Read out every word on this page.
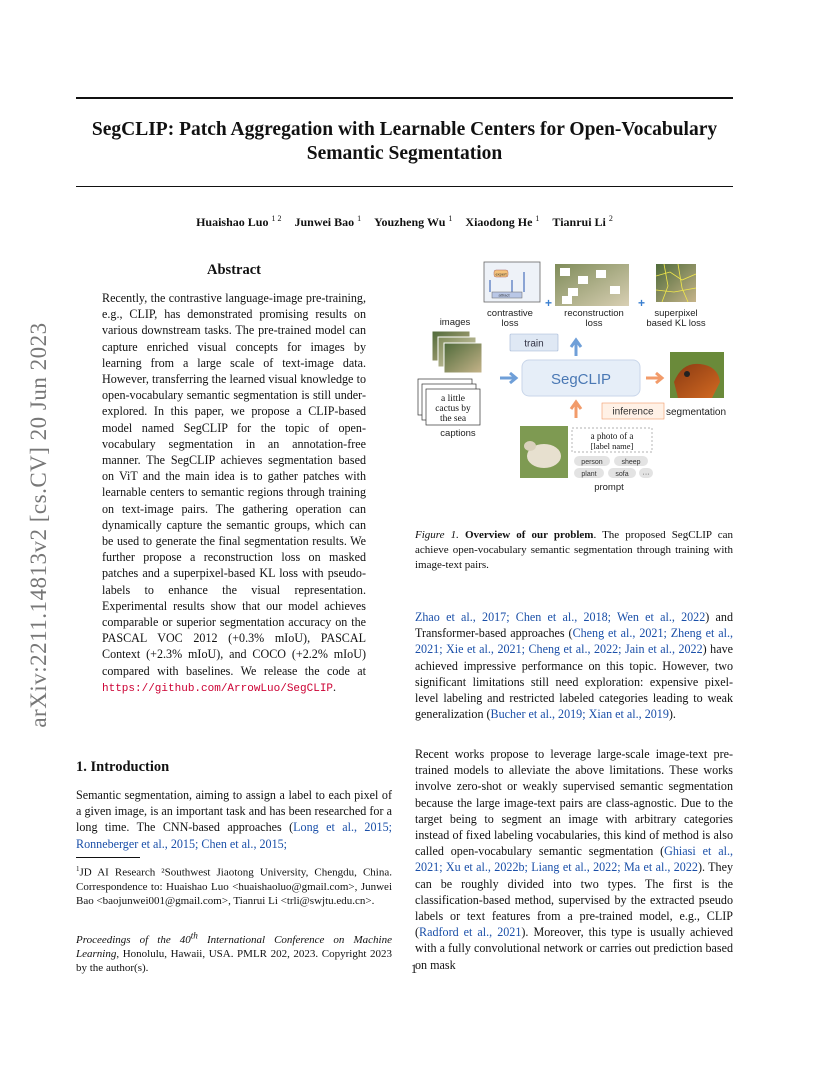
SegCLIP: Patch Aggregation with Learnable Centers for Open-Vocabulary
Semantic Segmentation
Huaishao Luo $^{1 2}$ Junwei Bao $^1$ Youzheng Wu $^1$ Xiaodong He $^1$ Tianrui Li $^2$
arXiv:2211.14813v2 [cs.CV] 20 Jun 2023
Abstract
Recently, the contrastive language-image pre-training, e.g., CLIP, has demonstrated promising results on various downstream tasks. The pre-trained model can capture enriched visual concepts for images by learning from a large scale of text-image data. However, transferring the learned visual knowledge to open-vocabulary semantic segmentation is still under-explored. In this paper, we propose a CLIP-based model named SegCLIP for the topic of open-vocabulary segmentation in an annotation-free manner. The SegCLIP achieves segmentation based on ViT and the main idea is to gather patches with learnable centers to semantic regions through training on text-image pairs. The gathering operation can dynamically capture the semantic groups, which can be used to generate the final segmentation results. We further propose a reconstruction loss on masked patches and a superpixel-based KL loss with pseudo-labels to enhance the visual representation. Experimental results show that our model achieves comparable or superior segmentation accuracy on the PASCAL VOC 2012 (+0.3% mIoU), PASCAL Context (+2.3% mIoU), and COCO (+2.2% mIoU) compared with baselines. We release the code at https://github.com/ArrowLuo/SegCLIP.
1. Introduction
Semantic segmentation, aiming to assign a label to each pixel of a given image, is an important task and has been researched for a long time. The CNN-based approaches (Long et al., 2015; Ronneberger et al., 2015; Chen et al., 2015;
$^1$JD AI Research ²Southwest Jiaotong University, Chengdu, China. Correspondence to: Huaishao Luo <huaishaoluo@gmail.com>, Junwei Bao <baojunwei001@gmail.com>, Tianrui Li <trli@swjtu.edu.cn>.
Proceedings of the 40th International Conference on Machine Learning, Honolulu, Hawaii, USA. PMLR 202, 2023. Copyright 2023 by the author(s).
expert
attract
+	+
images
contrastive
loss
reconstruction
loss
superpixel
based KL loss
train
SegCLIP
inference segmentation
a little
cactus by
the sea
captions	a photo of a
[label name]
person	sheep
plant	sofa ···
prompt
Figure 1. Overview of our problem. The proposed SegCLIP can achieve open-vocabulary semantic segmentation through training with image-text pairs.
Zhao et al., 2017; Chen et al., 2018; Wen et al., 2022) and Transformer-based approaches (Cheng et al., 2021; Zheng et al., 2021; Xie et al., 2021; Cheng et al., 2022; Jain et al., 2022) have achieved impressive performance on this topic. However, two significant limitations still need exploration: expensive pixel-level labeling and restricted labeled categories leading to weak generalization (Bucher et al., 2019; Xian et al., 2019).
Recent works propose to leverage large-scale image-text pre-trained models to alleviate the above limitations. These works involve zero-shot or weakly supervised semantic segmentation because the large image-text pairs are class-agnostic. Due to the target being to segment an image with arbitrary categories instead of fixed labeling vocabularies, this kind of method is also called open-vocabulary semantic segmentation (Ghiasi et al., 2021; Xu et al., 2022b; Liang et al., 2022; Ma et al., 2022). They can be roughly divided into two types. The first is the classification-based method, supervised by the extracted pseudo labels or text features from a pre-trained model, e.g., CLIP (Radford et al., 2021). Moreover, this type is usually achieved with a fully convolutional network or carries out prediction based on mask
1
